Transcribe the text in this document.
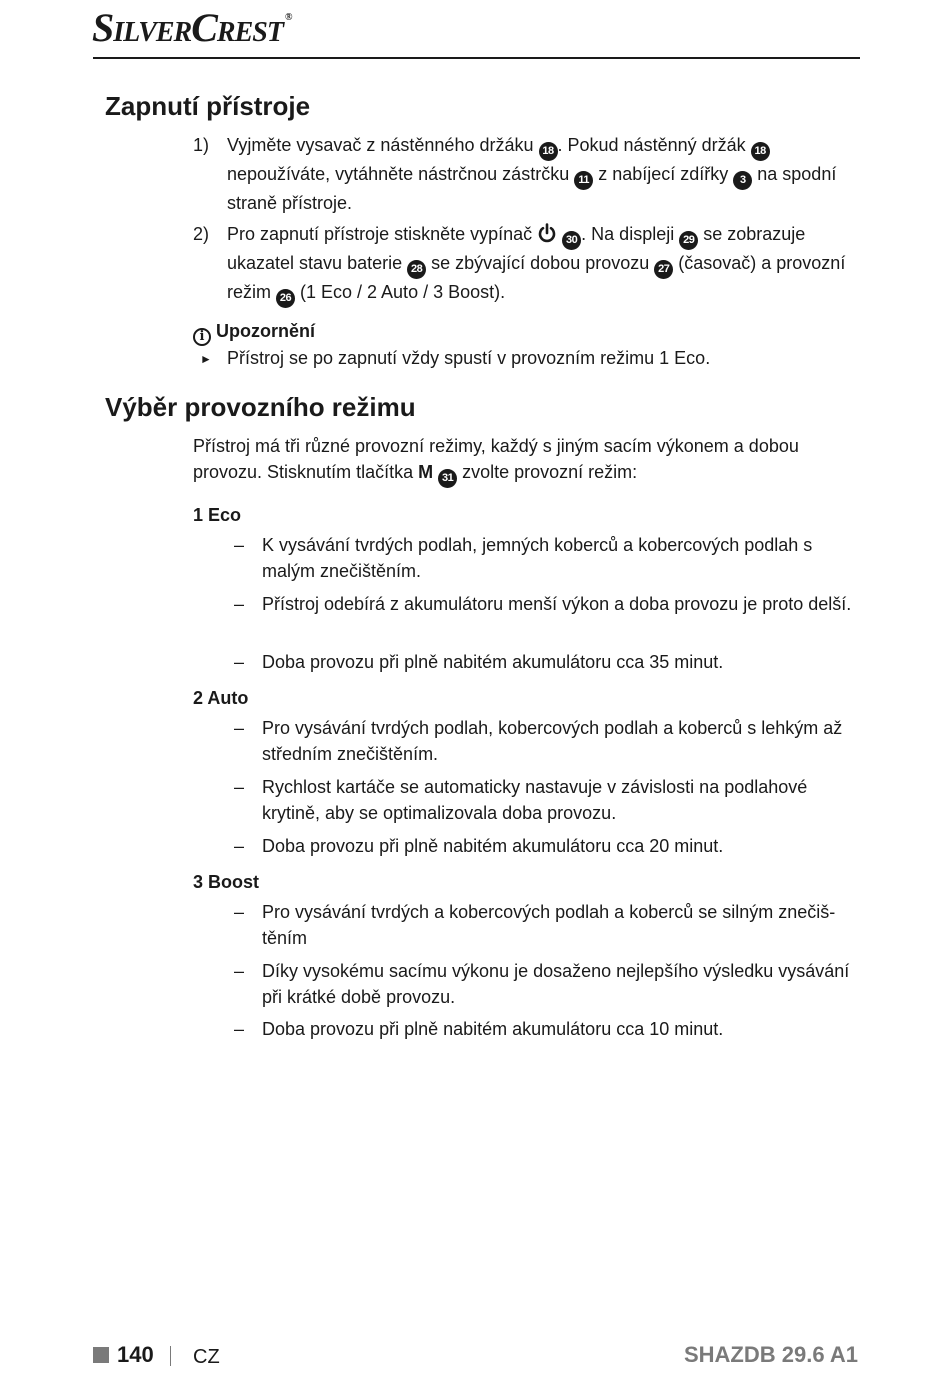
SilverCrest ®
Zapnutí přístroje
1) Vyjměte vysavač z nástěnného držáku 18 . Pokud nástěnný držák 18 nepoužíváte, vytáhněte nástrčnou zástrčku 11 z nabíjecí zdířky 3 na spodní straně přístroje.
2) Pro zapnutí přístroje stiskněte vypínač	30 . Na displeji 29 se zobrazuje ukazatel stavu baterie 28 se zbývající dobou provozu 27 (časovač) a provozní režim 26 (1 Eco / 2 Auto / 3 Boost).
i Upozornění
► Přístroj se po zapnutí vždy spustí v provozním režimu 1 Eco.
Výběr provozního režimu
Přístroj má tři různé provozní režimy, každý s jiným sacím výkonem a dobou provozu. Stisknutím tlačítka M 31 zvolte provozní režim:
1 Eco
– K vysávání tvrdých podlah, jemných koberců a kobercových podlah s malým znečištěním.
– Přístroj odebírá z akumulátoru menší výkon a doba provozu je proto delší.
– Doba provozu při plně nabitém akumulátoru cca 35 minut.
2 Auto
– Pro vysávání tvrdých podlah, kobercových podlah a koberců s lehkým až středním znečištěním.
– Rychlost kartáče se automaticky nastavuje v závislosti na podlahové krytině, aby se optimalizovala doba provozu.
– Doba provozu při plně nabitém akumulátoru cca 20 minut.
3 Boost
– Pro vysávání tvrdých a kobercových podlah a koberců se silným znečištěním
– Díky vysokému sacímu výkonu je dosaženo nejlepšího výsledku vysávání při krátké době provozu.
– Doba provozu při plně nabitém akumulátoru cca 10 minut.
140 CZ	SHAZDB 29.6 A1
